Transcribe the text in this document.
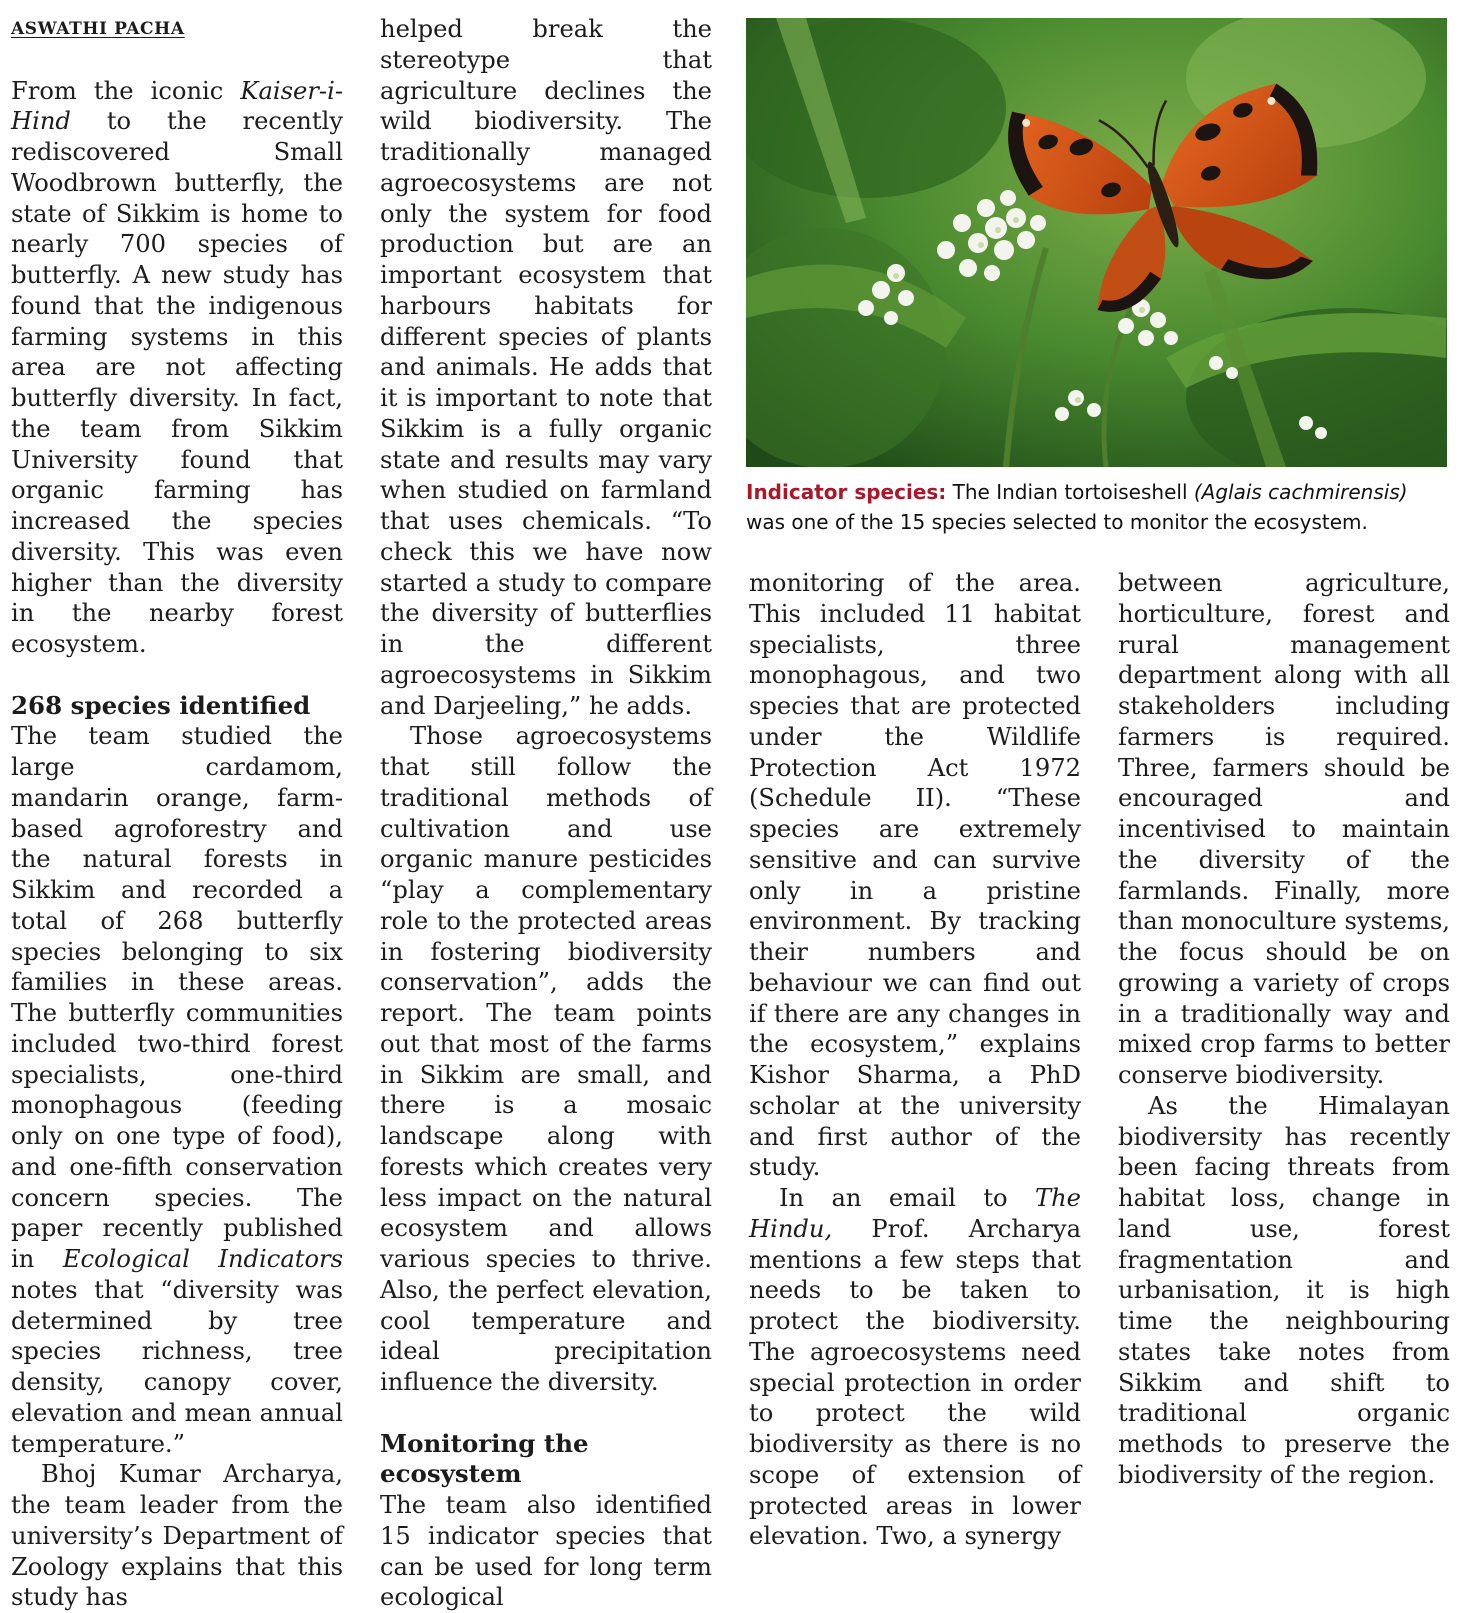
ASWATHI PACHA

From the iconic Kaiser-i-Hind to the recently rediscovered Small Woodbrown butterfly, the state of Sikkim is home to nearly 700 species of butterfly. A new study has found that the indigenous farming systems in this area are not affecting butterfly diversity. In fact, the team from Sikkim University found that organic farming has increased the species diversity. This was even higher than the diversity in the nearby forest ecosystem.

268 species identified

The team studied the large cardamom, mandarin orange, farm-based agroforestry and the natural forests in Sikkim and recorded a total of 268 butterfly species belonging to six families in these areas. The butterfly communities included two-third forest specialists, one-third monophagous (feeding only on one type of food), and one-fifth conservation concern species. The paper recently published in Ecological Indicators notes that “diversity was determined by tree species richness, tree density, canopy cover, elevation and mean annual temperature.”

Bhoj Kumar Archarya, the team leader from the university’s Department of Zoology explains that this study has

helped break the stereotype that agriculture declines the wild biodiversity. The traditionally managed agroecosystems are not only the system for food production but are an important ecosystem that harbours habitats for different species of plants and animals. He adds that it is important to note that Sikkim is a fully organic state and results may vary when studied on farmland that uses chemicals. “To check this we have now started a study to compare the diversity of butterflies in the different agroecosystems in Sikkim and Darjeeling,” he adds.

Those agroecosystems that still follow the traditional methods of cultivation and use organic manure pesticides “play a complementary role to the protected areas in fostering biodiversity conservation”, adds the report. The team points out that most of the farms in Sikkim are small, and there is a mosaic landscape along with forests which creates very less impact on the natural ecosystem and allows various species to thrive. Also, the perfect elevation, cool temperature and ideal precipitation influence the diversity.

Monitoring the ecosystem

The team also identified 15 indicator species that can be used for long term ecological

Indicator species: The Indian tortoiseshell (Aglais cachmirensis) was one of the 15 species selected to monitor the ecosystem.

monitoring of the area. This included 11 habitat specialists, three monophagous, and two species that are protected under the Wildlife Protection Act 1972 (Schedule II). “These species are extremely sensitive and can survive only in a pristine environment. By tracking their numbers and behaviour we can find out if there are any changes in the ecosystem,” explains Kishor Sharma, a PhD scholar at the university and first author of the study.

In an email to The Hindu, Prof. Archarya mentions a few steps that needs to be taken to protect the biodiversity. The agroecosystems need special protection in order to protect the wild biodiversity as there is no scope of extension of protected areas in lower elevation. Two, a synergy

between agriculture, horticulture, forest and rural management department along with all stakeholders including farmers is required. Three, farmers should be encouraged and incentivised to maintain the diversity of the farmlands. Finally, more than monoculture systems, the focus should be on growing a variety of crops in a traditionally way and mixed crop farms to better conserve biodiversity.

As the Himalayan biodiversity has recently been facing threats from habitat loss, change in land use, forest fragmentation and urbanisation, it is high time the neighbouring states take notes from Sikkim and shift to traditional organic methods to preserve the biodiversity of the region.
